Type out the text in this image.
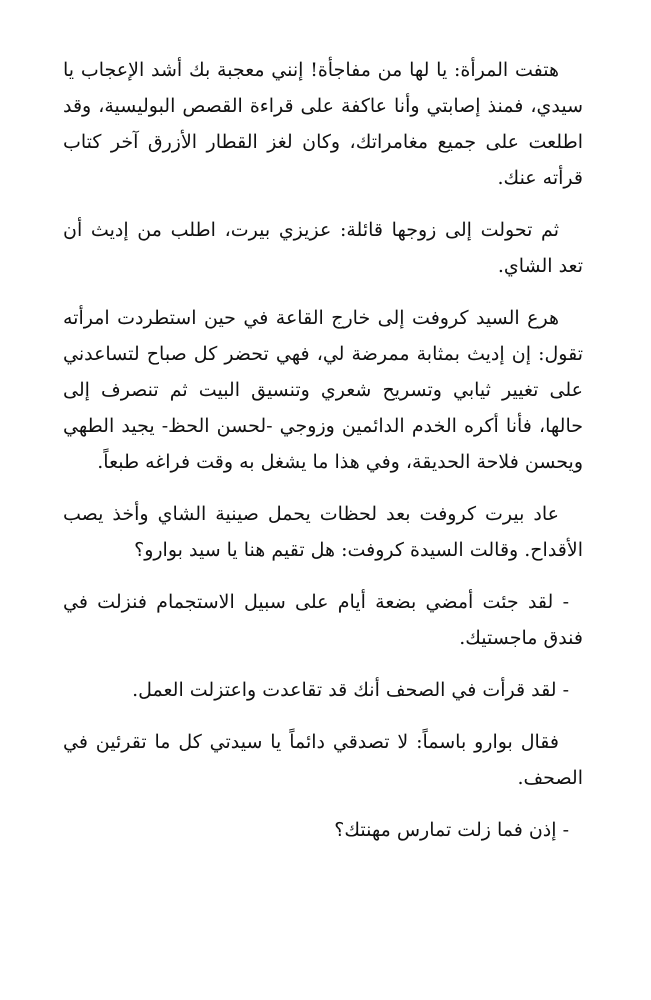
هتفت المرأة: يا لها من مفاجأة! إنني معجبة بك أشد الإعجاب يا سيدي، فمنذ إصابتي وأنا عاكفة على قراءة القصص البوليسية، وقد اطلعت على جميع مغامراتك، وكان لغز القطار الأزرق آخر كتاب قرأته عنك.

ثم تحولت إلى زوجها قائلة: عزيزي بيرت، اطلب من إديث أن تعد الشاي.

هرع السيد كروفت إلى خارج القاعة في حين استطردت امرأته تقول: إن إديث بمثابة ممرضة لي، فهي تحضر كل صباح لتساعدني على تغيير ثيابي وتسريح شعري وتنسيق البيت ثم تنصرف إلى حالها، فأنا أكره الخدم الدائمين وزوجي -لحسن الحظ- يجيد الطهي ويحسن فلاحة الحديقة، وفي هذا ما يشغل به وقت فراغه طبعاً.

عاد بيرت كروفت بعد لحظات يحمل صينية الشاي وأخذ يصب الأقداح. وقالت السيدة كروفت: هل تقيم هنا يا سيد بوارو؟

- لقد جئت أمضي بضعة أيام على سبيل الاستجمام فنزلت في فندق ماجستيك.

- لقد قرأت في الصحف أنك قد تقاعدت واعتزلت العمل.

فقال بوارو باسماً: لا تصدقي دائماً يا سيدتي كل ما تقرئين في الصحف.

- إذن فما زلت تمارس مهنتك؟
